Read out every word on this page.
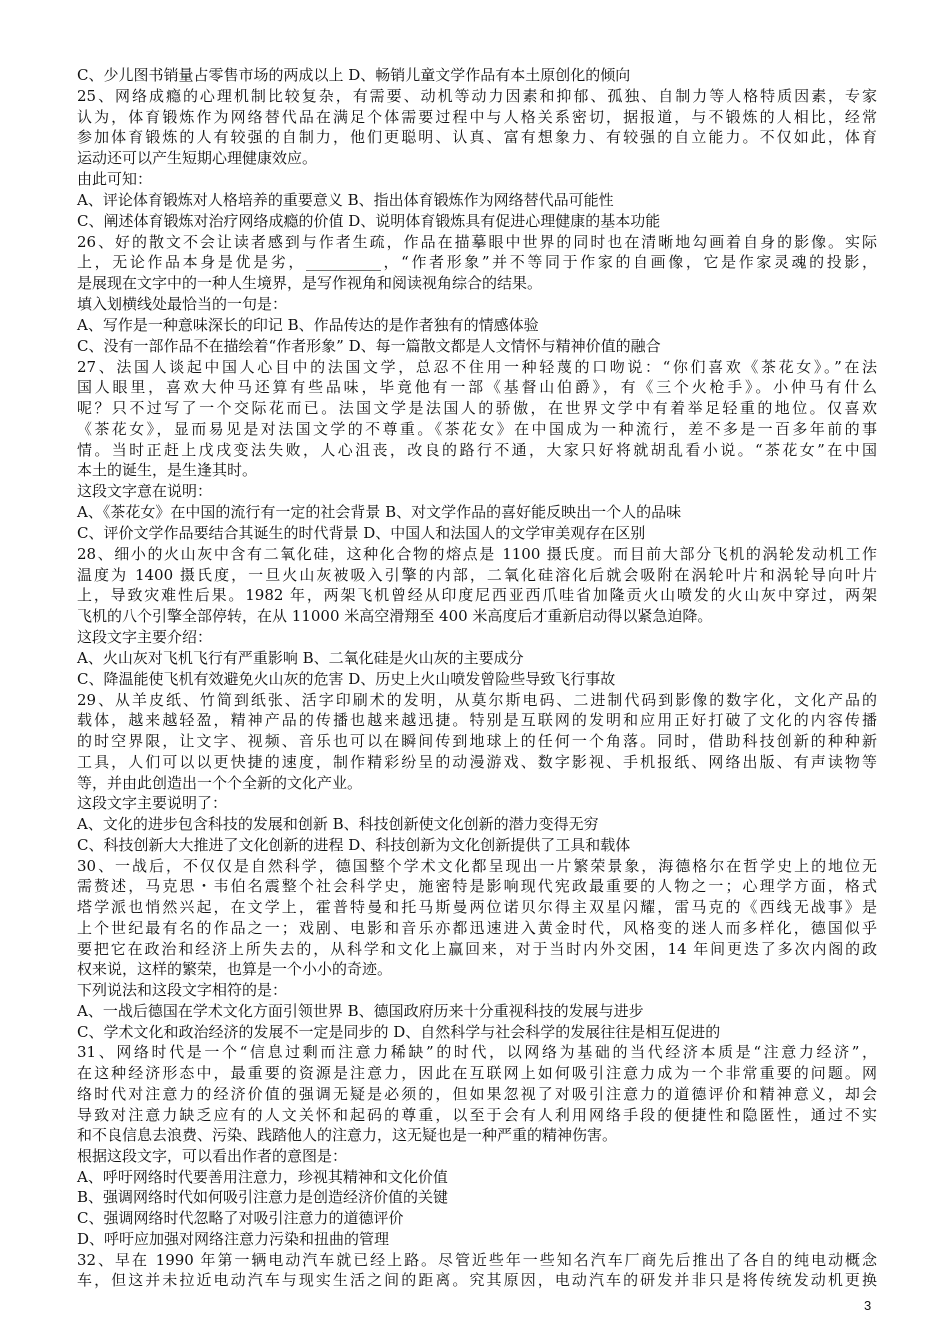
C、少儿图书销量占零售市场的两成以上 D、畅销儿童文学作品有本土原创化的倾向
25、网络成瘾的心理机制比较复杂，有需要、动机等动力因素和抑郁、孤独、自制力等人格特质因素，专家
认为，体育锻炼作为网络替代品在满足个体需要过程中与人格关系密切，据报道，与不锻炼的人相比，经常
参加体育锻炼的人有较强的自制力，他们更聪明、认真、富有想象力、有较强的自立能力。不仅如此，体育
运动还可以产生短期心理健康效应。
由此可知：
A、评论体育锻炼对人格培养的重要意义 B、指出体育锻炼作为网络替代品可能性
C、阐述体育锻炼对治疗网络成瘾的价值 D、说明体育锻炼具有促进心理健康的基本功能
26、好的散文不会让读者感到与作者生疏，作品在描摹眼中世界的同时也在清晰地勾画着自身的影像。实际
上，无论作品本身是优是劣，__________，“作者形象”并不等同于作家的自画像，它是作家灵魂的投影，
是展现在文字中的一种人生境界，是写作视角和阅读视角综合的结果。
填入划横线处最恰当的一句是：
A、写作是一种意味深长的印记 B、作品传达的是作者独有的情感体验
C、没有一部作品不在描绘着“作者形象” D、每一篇散文都是人文情怀与精神价值的融合
27、法国人谈起中国人心目中的法国文学，总忍不住用一种轻蔑的口吻说：“你们喜欢《茶花女》。”在法
国人眼里，喜欢大仲马还算有些品味，毕竟他有一部《基督山伯爵》，有《三个火枪手》。小仲马有什么
呢？只不过写了一个交际花而已。法国文学是法国人的骄傲，在世界文学中有着举足轻重的地位。仅喜欢
《茶花女》，显而易见是对法国文学的不尊重。《茶花女》在中国成为一种流行，差不多是一百多年前的事
情。当时正赶上戊戌变法失败，人心沮丧，改良的路行不通，大家只好将就胡乱看小说。“茶花女”在中国
本土的诞生，是生逢其时。
这段文字意在说明：
A、《茶花女》在中国的流行有一定的社会背景 B、对文学作品的喜好能反映出一个人的品味
C、评价文学作品要结合其诞生的时代背景 D、中国人和法国人的文学审美观存在区别
28、细小的火山灰中含有二氧化硅，这种化合物的熔点是 1100 摄氏度。而目前大部分飞机的涡轮发动机工作
温度为 1400 摄氏度，一旦火山灰被吸入引擎的内部，二氧化硅溶化后就会吸附在涡轮叶片和涡轮导向叶片
上，导致灾难性后果。1982 年，两架飞机曾经从印度尼西亚西爪哇省加隆贡火山喷发的火山灰中穿过，两架
飞机的八个引擎全部停转，在从 11000 米高空滑翔至 400 米高度后才重新启动得以紧急迫降。
这段文字主要介绍：
A、火山灰对飞机飞行有严重影响 B、二氧化硅是火山灰的主要成分
C、降温能使飞机有效避免火山灰的危害 D、历史上火山喷发曾险些导致飞行事故
29、从羊皮纸、竹简到纸张、活字印刷术的发明，从莫尔斯电码、二进制代码到影像的数字化，文化产品的
载体，越来越轻盈，精神产品的传播也越来越迅捷。特别是互联网的发明和应用正好打破了文化的内容传播
的时空界限，让文字、视频、音乐也可以在瞬间传到地球上的任何一个角落。同时，借助科技创新的种种新
工具，人们可以以更快捷的速度，制作精彩纷呈的动漫游戏、数字影视、手机报纸、网络出版、有声读物等
等，并由此创造出一个个全新的文化产业。
这段文字主要说明了：
A、文化的进步包含科技的发展和创新 B、科技创新使文化创新的潜力变得无穷
C、科技创新大大推进了文化创新的进程 D、科技创新为文化创新提供了工具和载体
30、一战后，不仅仅是自然科学，德国整个学术文化都呈现出一片繁荣景象，海德格尔在哲学史上的地位无
需赘述，马克思・韦伯名震整个社会科学史，施密特是影响现代宪政最重要的人物之一；心理学方面，格式
塔学派也悄然兴起，在文学上，霍普特曼和托马斯曼两位诺贝尔得主双星闪耀，雷马克的《西线无战事》是
上个世纪最有名的作品之一；戏剧、电影和音乐亦都迅速进入黄金时代，风格变的迷人而多样化，德国似乎
要把它在政治和经济上所失去的，从科学和文化上赢回来，对于当时内外交困，14 年间更迭了多次内阁的政
权来说，这样的繁荣，也算是一个小小的奇迹。
下列说法和这段文字相符的是：
A、一战后德国在学术文化方面引领世界 B、德国政府历来十分重视科技的发展与进步
C、学术文化和政治经济的发展不一定是同步的 D、自然科学与社会科学的发展往往是相互促进的
31、网络时代是一个“信息过剩而注意力稀缺”的时代，以网络为基础的当代经济本质是“注意力经济”，
在这种经济形态中，最重要的资源是注意力，因此在互联网上如何吸引注意力成为一个非常重要的问题。网
络时代对注意力的经济价值的强调无疑是必须的，但如果忽视了对吸引注意力的道德评价和精神意义，却会
导致对注意力缺乏应有的人文关怀和起码的尊重，以至于会有人利用网络手段的便捷性和隐匿性，通过不实
和不良信息去浪费、污染、践踏他人的注意力，这无疑也是一种严重的精神伤害。
根据这段文字，可以看出作者的意图是：
A、呼吁网络时代要善用注意力，珍视其精神和文化价值
B、强调网络时代如何吸引注意力是创造经济价值的关键
C、强调网络时代忽略了对吸引注意力的道德评价
D、呼吁应加强对网络注意力污染和扭曲的管理
32、早在 1990 年第一辆电动汽车就已经上路。尽管近些年一些知名汽车厂商先后推出了各自的纯电动概念
车，但这并未拉近电动汽车与现实生活之间的距离。究其原因，电动汽车的研发并非只是将传统发动机更换
3
